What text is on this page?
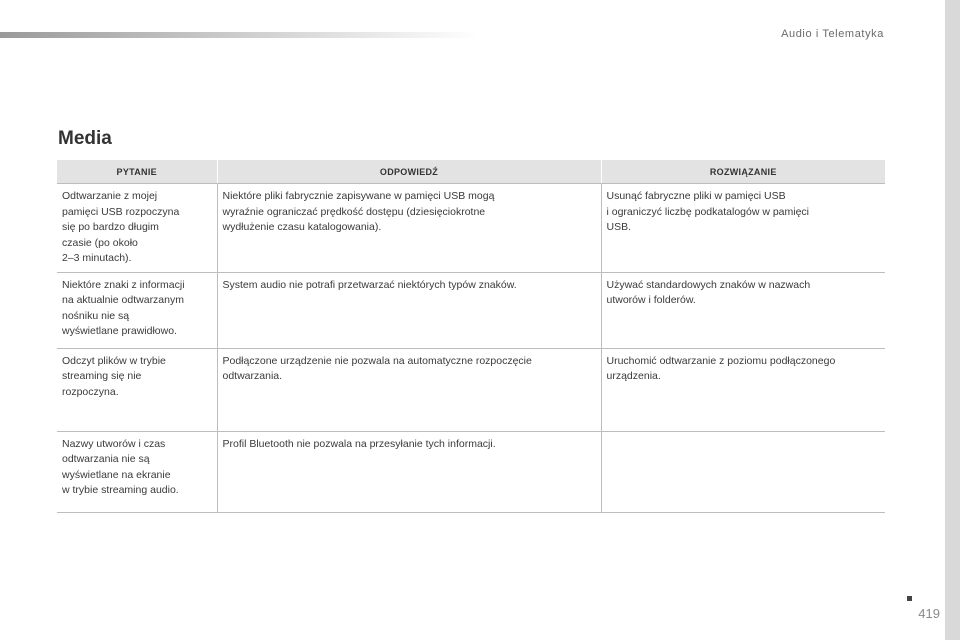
Audio i Telematyka
Media
PYTANIE	ODPOWIEDŹ	ROZWIĄZANIE

Odtwarzanie z mojej
pamięci USB rozpoczyna
się po bardzo długim
czasie (po około
2–3 minutach).	Niektóre pliki fabrycznie zapisywane w pamięci USB mogą
wyraźnie ograniczać prędkość dostępu (dziesięciokrotne
wydłużenie czasu katalogowania).	Usunąć fabryczne pliki w pamięci USB
i ograniczyć liczbę podkatalogów w pamięci
USB.

Niektóre znaki z informacji
na aktualnie odtwarzanym
nośniku nie są
wyświetlane prawidłowo.	System audio nie potrafi przetwarzać niektórych typów znaków.	Używać standardowych znaków w nazwach
utworów i folderów.

Odczyt plików w trybie
streaming się nie
rozpoczyna.	Podłączone urządzenie nie pozwala na automatyczne rozpoczęcie
odtwarzania.	Uruchomić odtwarzanie z poziomu podłączonego
urządzenia.

Nazwy utworów i czas
odtwarzania nie są
wyświetlane na ekranie
w trybie streaming audio.	Profil Bluetooth nie pozwala na przesyłanie tych informacji.	

419
